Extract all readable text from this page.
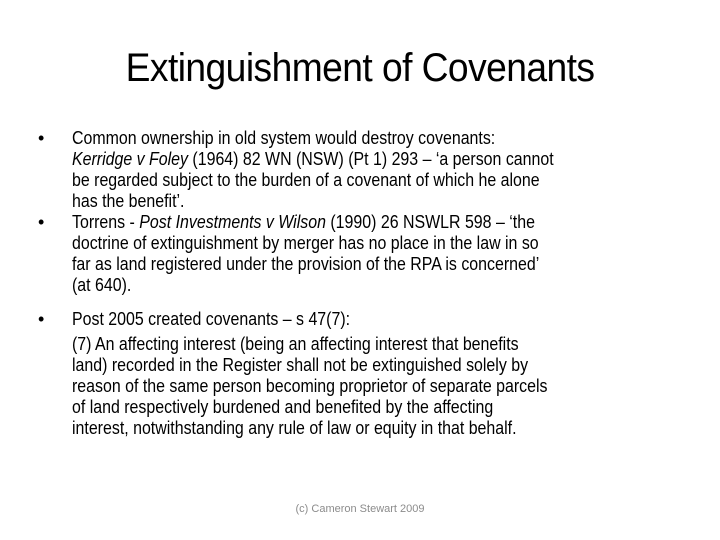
Extinguishment of Covenants
• Common ownership in old system would destroy covenants:
Kerridge v Foley (1964) 82 WN (NSW) (Pt 1) 293 – ‘a person cannot
be regarded subject to the burden of a covenant of which he alone
has the benefit’.
• Torrens - Post Investments v Wilson (1990) 26 NSWLR 598 – ‘the
doctrine of extinguishment by merger has no place in the law in so
far as land registered under the provision of the RPA is concerned’
(at 640).
• Post 2005 created covenants – s 47(7):
(7) An affecting interest (being an affecting interest that benefits
land) recorded in the Register shall not be extinguished solely by
reason of the same person becoming proprietor of separate parcels
of land respectively burdened and benefited by the affecting
interest, notwithstanding any rule of law or equity in that behalf.
(c) Cameron Stewart 2009
